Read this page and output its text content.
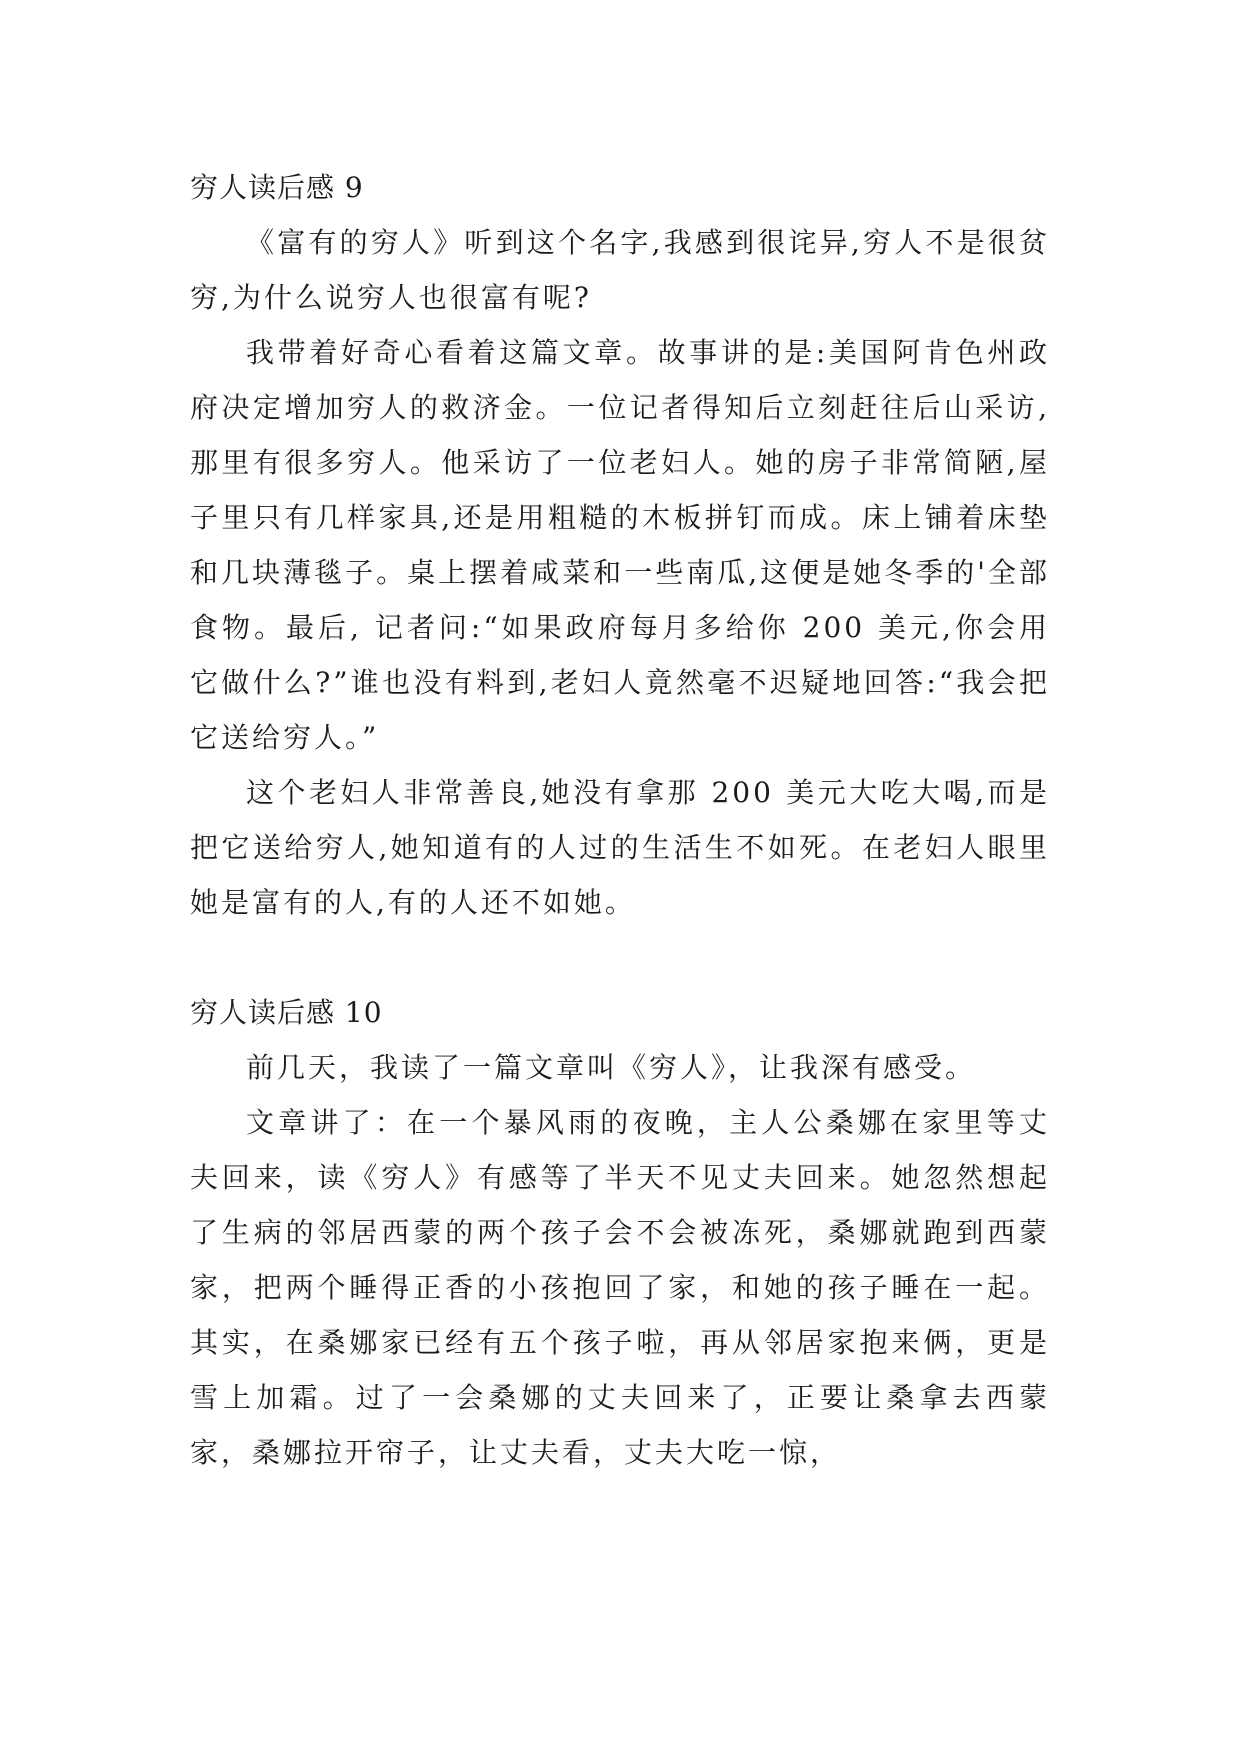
穷人读后感 9

《富有的穷人》听到这个名字,我感到很诧异,穷人不是很贫穷,为什么说穷人也很富有呢?

我带着好奇心看着这篇文章。故事讲的是:美国阿肯色州政府决定增加穷人的救济金。一位记者得知后立刻赶往后山采访,那里有很多穷人。他采访了一位老妇人。她的房子非常简陋,屋子里只有几样家具,还是用粗糙的木板拼钉而成。床上铺着床垫和几块薄毯子。桌上摆着咸菜和一些南瓜,这便是她冬季的'全部食物。最后, 记者问:“如果政府每月多给你 200 美元,你会用它做什么?”谁也没有料到,老妇人竟然毫不迟疑地回答:“我会把它送给穷人。”

这个老妇人非常善良,她没有拿那 200 美元大吃大喝,而是把它送给穷人,她知道有的人过的生活生不如死。在老妇人眼里她是富有的人,有的人还不如她。

穷人读后感 10

前几天，我读了一篇文章叫《穷人》，让我深有感受。

文章讲了：在一个暴风雨的夜晚，主人公桑娜在家里等丈夫回来，读《穷人》有感等了半天不见丈夫回来。她忽然想起了生病的邻居西蒙的两个孩子会不会被冻死，桑娜就跑到西蒙家，把两个睡得正香的小孩抱回了家，和她的孩子睡在一起。其实，在桑娜家已经有五个孩子啦，再从邻居家抱来俩，更是雪上加霜。过了一会桑娜的丈夫回来了，正要让桑拿去西蒙家，桑娜拉开帘子，让丈夫看，丈夫大吃一惊，
